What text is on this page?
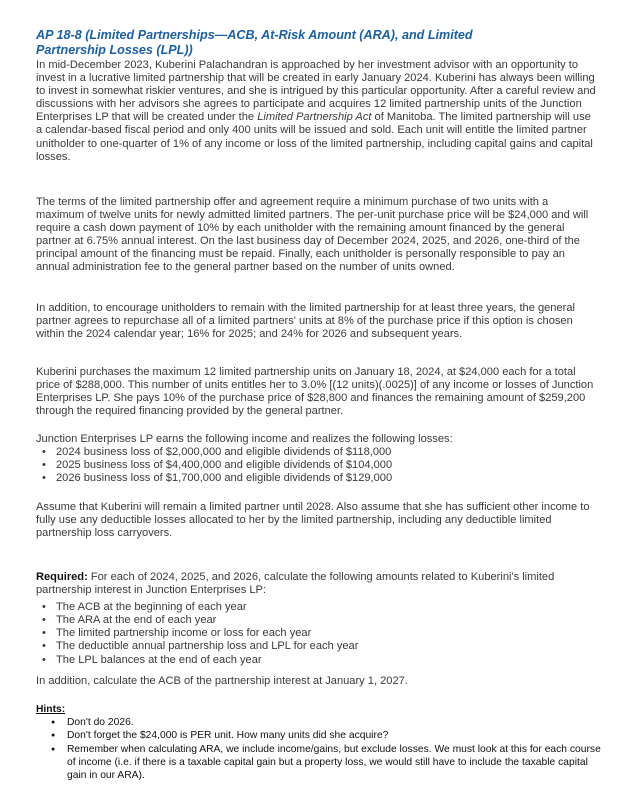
AP 18-8 (Limited Partnerships—ACB, At-Risk Amount (ARA), and Limited
Partnership Losses (LPL))

In mid-December 2023, Kuberini Palachandran is approached by her investment advisor with an opportunity to invest in a lucrative limited partnership that will be created in early January 2024. Kuberini has always been willing to invest in somewhat riskier ventures, and she is intrigued by this particular opportunity. After a careful review and discussions with her advisors she agrees to participate and acquires 12 limited partnership units of the Junction Enterprises LP that will be created under the Limited Partnership Act of Manitoba. The limited partnership will use a calendar-based fiscal period and only 400 units will be issued and sold. Each unit will entitle the limited partner unitholder to one-quarter of 1% of any income or loss of the limited partnership, including capital gains and capital losses.

The terms of the limited partnership offer and agreement require a minimum purchase of two units with a maximum of twelve units for newly admitted limited partners. The per-unit purchase price will be $24,000 and will require a cash down payment of 10% by each unitholder with the remaining amount financed by the general partner at 6.75% annual interest. On the last business day of December 2024, 2025, and 2026, one-third of the principal amount of the financing must be repaid. Finally, each unitholder is personally responsible to pay an annual administration fee to the general partner based on the number of units owned.

In addition, to encourage unitholders to remain with the limited partnership for at least three years, the general partner agrees to repurchase all of a limited partners' units at 8% of the purchase price if this option is chosen within the 2024 calendar year; 16% for 2025; and 24% for 2026 and subsequent years.

Kuberini purchases the maximum 12 limited partnership units on January 18, 2024, at $24,000 each for a total price of $288,000. This number of units entitles her to 3.0% [(12 units)(.0025)] of any income or losses of Junction Enterprises LP. She pays 10% of the purchase price of $28,800 and finances the remaining amount of $259,200 through the required financing provided by the general partner.

Junction Enterprises LP earns the following income and realizes the following losses:

• 2024 business loss of $2,000,000 and eligible dividends of $118,000
• 2025 business loss of $4,400,000 and eligible dividends of $104,000
• 2026 business loss of $1,700,000 and eligible dividends of $129,000

Assume that Kuberini will remain a limited partner until 2028. Also assume that she has sufficient other income to fully use any deductible losses allocated to her by the limited partnership, including any deductible limited partnership loss carryovers.

Required: For each of 2024, 2025, and 2026, calculate the following amounts related to Kuberini's limited partnership interest in Junction Enterprises LP:

• The ACB at the beginning of each year
• The ARA at the end of each year
• The limited partnership income or loss for each year
• The deductible annual partnership loss and LPL for each year
• The LPL balances at the end of each year

In addition, calculate the ACB of the partnership interest at January 1, 2027.

Hints:
● Don't do 2026.
● Don't forget the $24,000 is PER unit. How many units did she acquire?
● Remember when calculating ARA, we include income/gains, but exclude losses. We must look at this for each course of income (i.e. if there is a taxable capital gain but a property loss, we would still have to include the taxable capital gain in our ARA).
